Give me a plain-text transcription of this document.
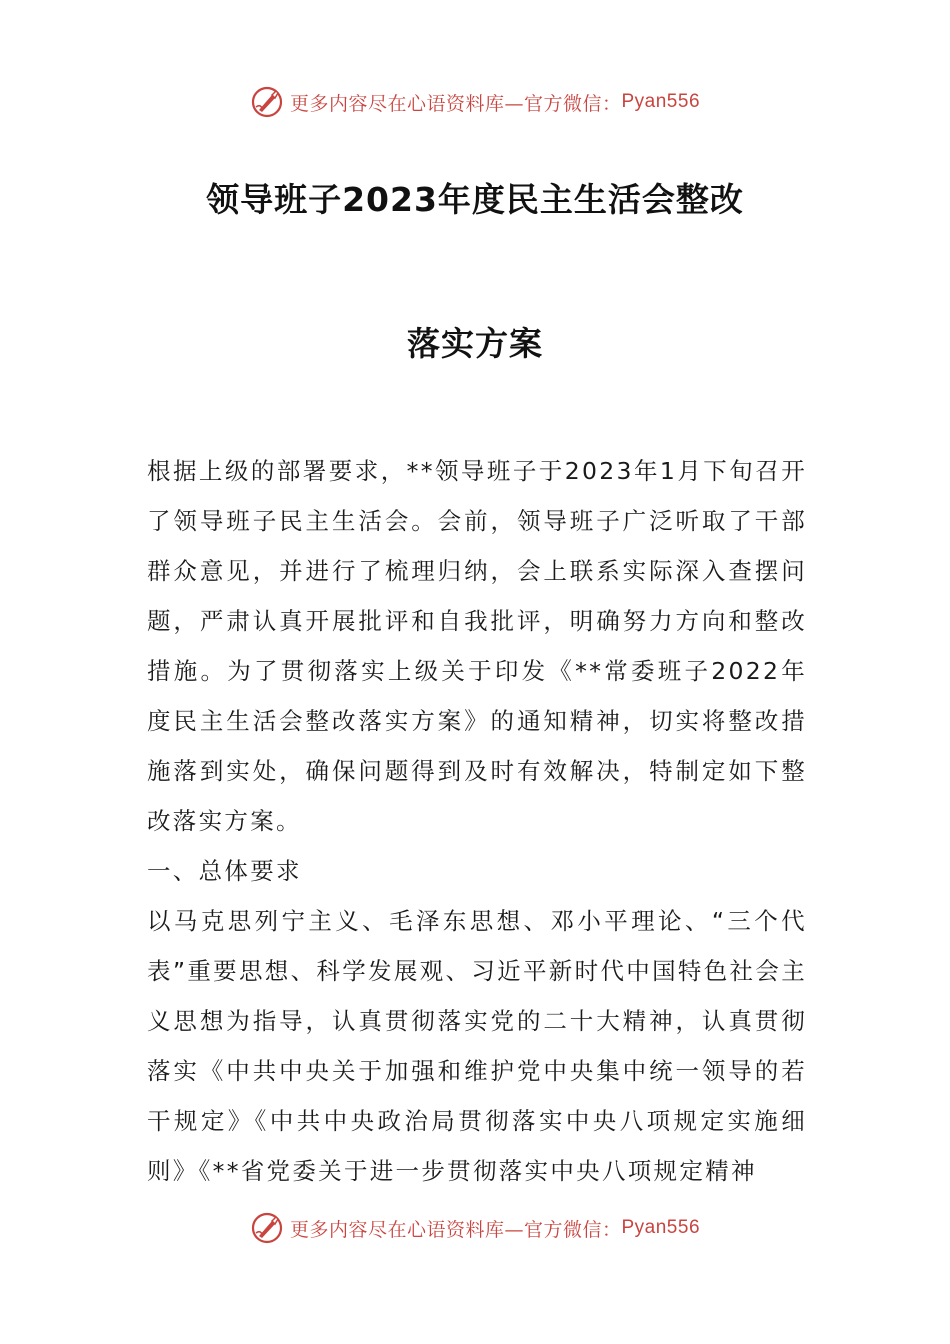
更多内容尽在心语资料库—官方微信： Pyan556
领导班子2023年度民主生活会整改
落实方案

根据上级的部署要求，**领导班子于2023年1月下旬召开了领导班子民主生活会。会前，领导班子广泛听取了干部群众意见，并进行了梳理归纳，会上联系实际深入查摆问题，严肃认真开展批评和自我批评，明确努力方向和整改措施。为了贯彻落实上级关于印发《**常委班子2022年度民主生活会整改落实方案》的通知精神，切实将整改措施落到实处，确保问题得到及时有效解决，特制定如下整改落实方案。

一、总体要求

以马克思列宁主义、毛泽东思想、邓小平理论、“三个代表”重要思想、科学发展观、习近平新时代中国特色社会主义思想为指导，认真贯彻落实党的二十大精神，认真贯彻落实《中共中央关于加强和维护党中央集中统一领导的若干规定》《中共中央政治局贯彻落实中央八项规定实施细则》《**省党委关于进一步贯彻落实中央八项规定精神

更多内容尽在心语资料库—官方微信： Pyan556
